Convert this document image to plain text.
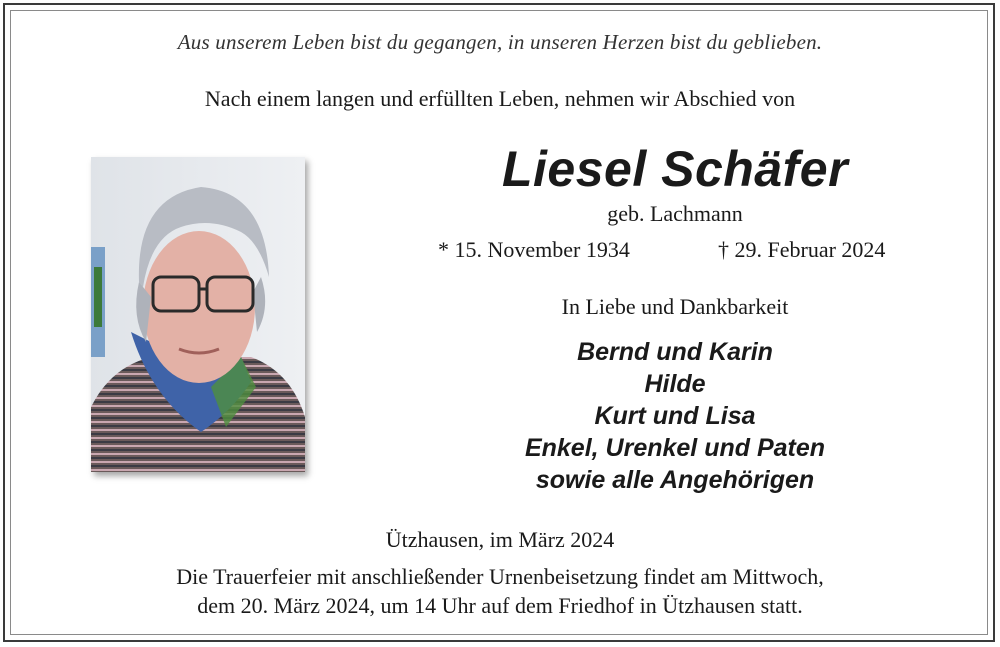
Aus unserem Leben bist du gegangen, in unseren Herzen bist du geblieben.
Nach einem langen und erfüllten Leben, nehmen wir Abschied von
Liesel Schäfer
geb. Lachmann
* 15. November 1934	† 29. Februar 2024
In Liebe und Dankbarkeit
Bernd und Karin
Hilde
Kurt und Lisa
Enkel, Urenkel und Paten
sowie alle Angehörigen
Ützhausen, im März 2024
Die Trauerfeier mit anschließender Urnenbeisetzung findet am Mittwoch,
dem 20. März 2024, um 14 Uhr auf dem Friedhof in Ützhausen statt.
